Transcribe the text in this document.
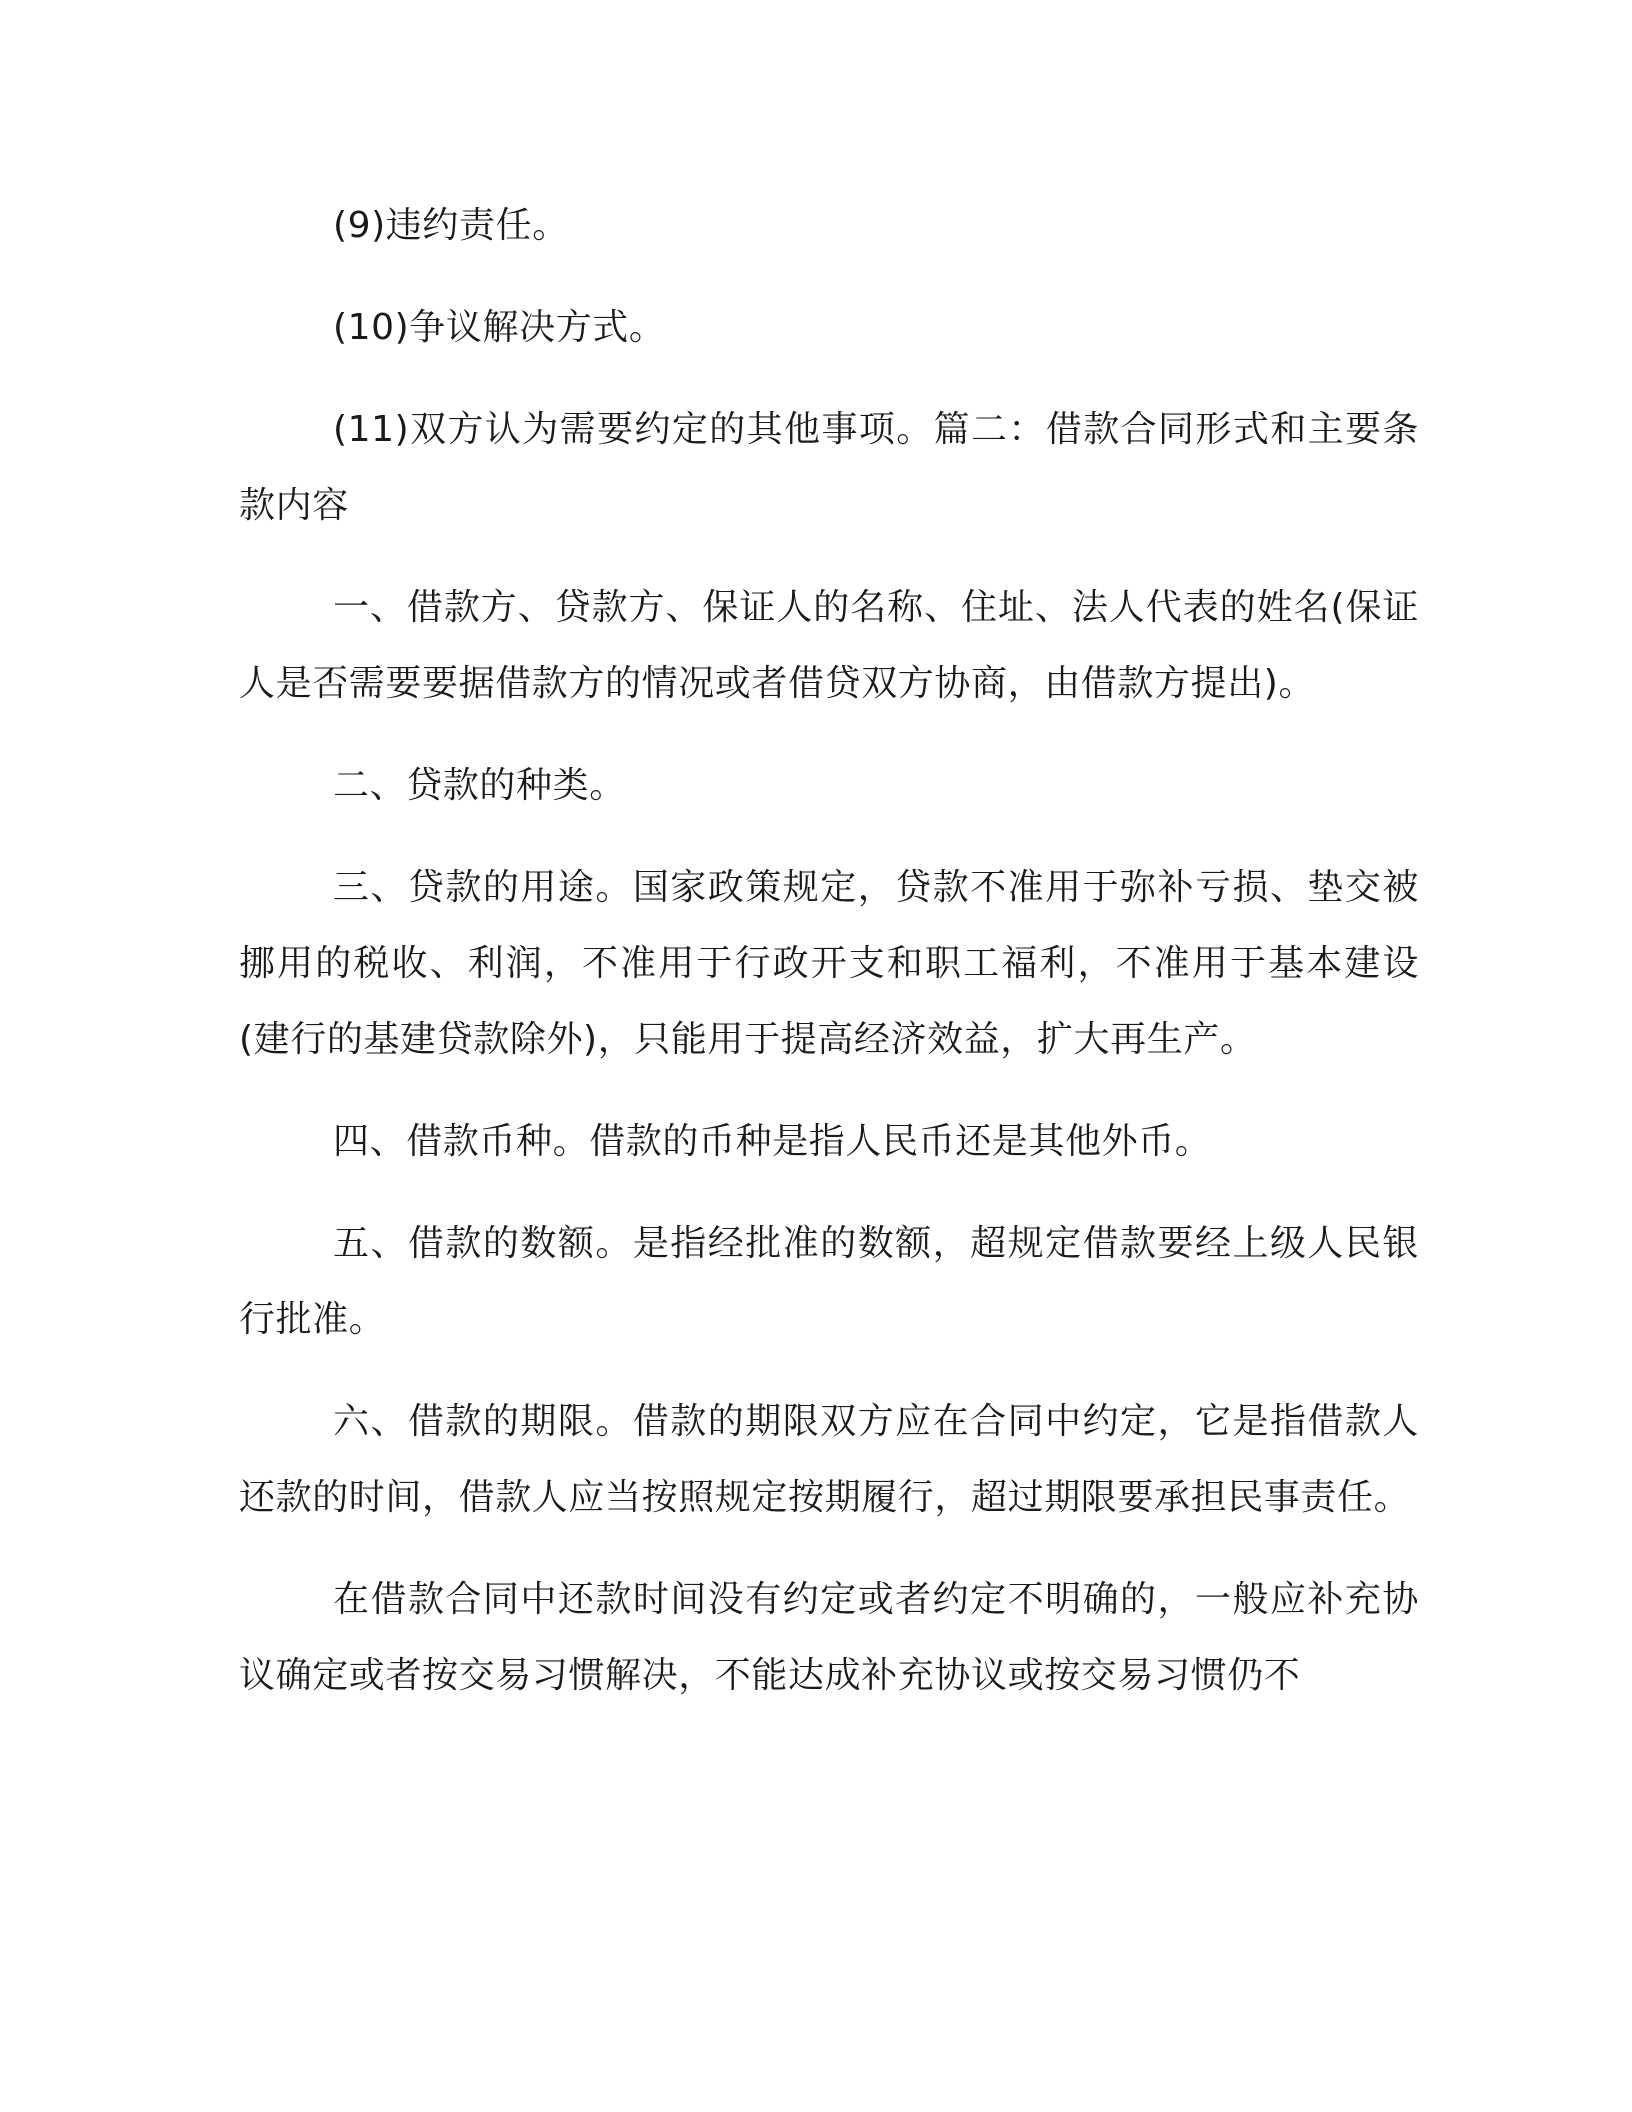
(9)违约责任。

(10)争议解决方式。

(11)双方认为需要约定的其他事项。篇二：借款合同形式和主要条款内容

一、借款方、贷款方、保证人的名称、住址、法人代表的姓名(保证人是否需要要据借款方的情况或者借贷双方协商，由借款方提出)。

二、贷款的种类。

三、贷款的用途。国家政策规定，贷款不准用于弥补亏损、垫交被挪用的税收、利润，不准用于行政开支和职工福利，不准用于基本建设(建行的基建贷款除外)，只能用于提高经济效益，扩大再生产。

四、借款币种。借款的币种是指人民币还是其他外币。

五、借款的数额。是指经批准的数额，超规定借款要经上级人民银行批准。

六、借款的期限。借款的期限双方应在合同中约定，它是指借款人还款的时间，借款人应当按照规定按期履行，超过期限要承担民事责任。

在借款合同中还款时间没有约定或者约定不明确的，一般应补充协议确定或者按交易习惯解决，不能达成补充协议或按交易习惯仍不
